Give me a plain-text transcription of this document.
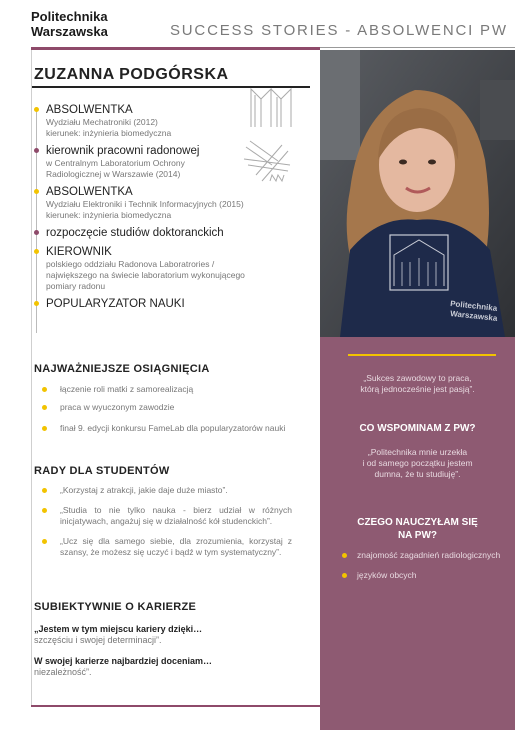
Politechnika
Warszawska	SUCCESS STORIES - ABSOLWENCI PW
ZUZANNA PODGÓRSKA
ABSOLWENTKA
Wydziału Mechatroniki (2012)
kierunek: inżynieria biomedyczna
kierownik pracowni radonowej
w Centralnym Laboratorium Ochrony
Radiologicznej w Warszawie (2014)
ABSOLWENTKA
Wydziału Elektroniki i Technik Informacyjnych (2015)
kierunek: inżynieria biomedyczna
rozpoczęcie studiów doktoranckich
KIEROWNIK
polskiego oddziału Radonova Laboratrories /
największego na świecie laboratorium wykonującego
pomiary radonu
POPULARYZATOR NAUKI
NAJWAŻNIEJSZE OSIĄGNIĘCIA
łączenie roli matki z samorealizacją
praca w wyuczonym zawodzie
finał 9. edycji konkursu FameLab dla popularyzatorów nauki
RADY DLA STUDENTÓW
„Korzystaj z atrakcji, jakie daje duże miasto”.
„Studia to nie tylko nauka - bierz udział w różnych inicjatywach, angażuj się w działalność kół studenckich”.
„Ucz się dla samego siebie, dla zrozumienia, korzystaj z szansy, że możesz się uczyć i bądź w tym systematyczny”.
SUBIEKTYWNIE O KARIERZE
„Jestem w tym miejscu kariery dzięki…
szczęściu i swojej determinacji”.
W swojej karierze najbardziej doceniam…
niezależność”.
Politechnika
Warszawska
„Sukces zawodowy to praca,
którą jednocześnie jest pasją”.
CO WSPOMINAM Z PW?
„Politechnika mnie urzekła
i od samego początku jestem
dumna, że tu studiuję”.
CZEGO NAUCZYŁAM SIĘ
NA PW?
znajomość zagadnień radiologicznych
języków obcych
